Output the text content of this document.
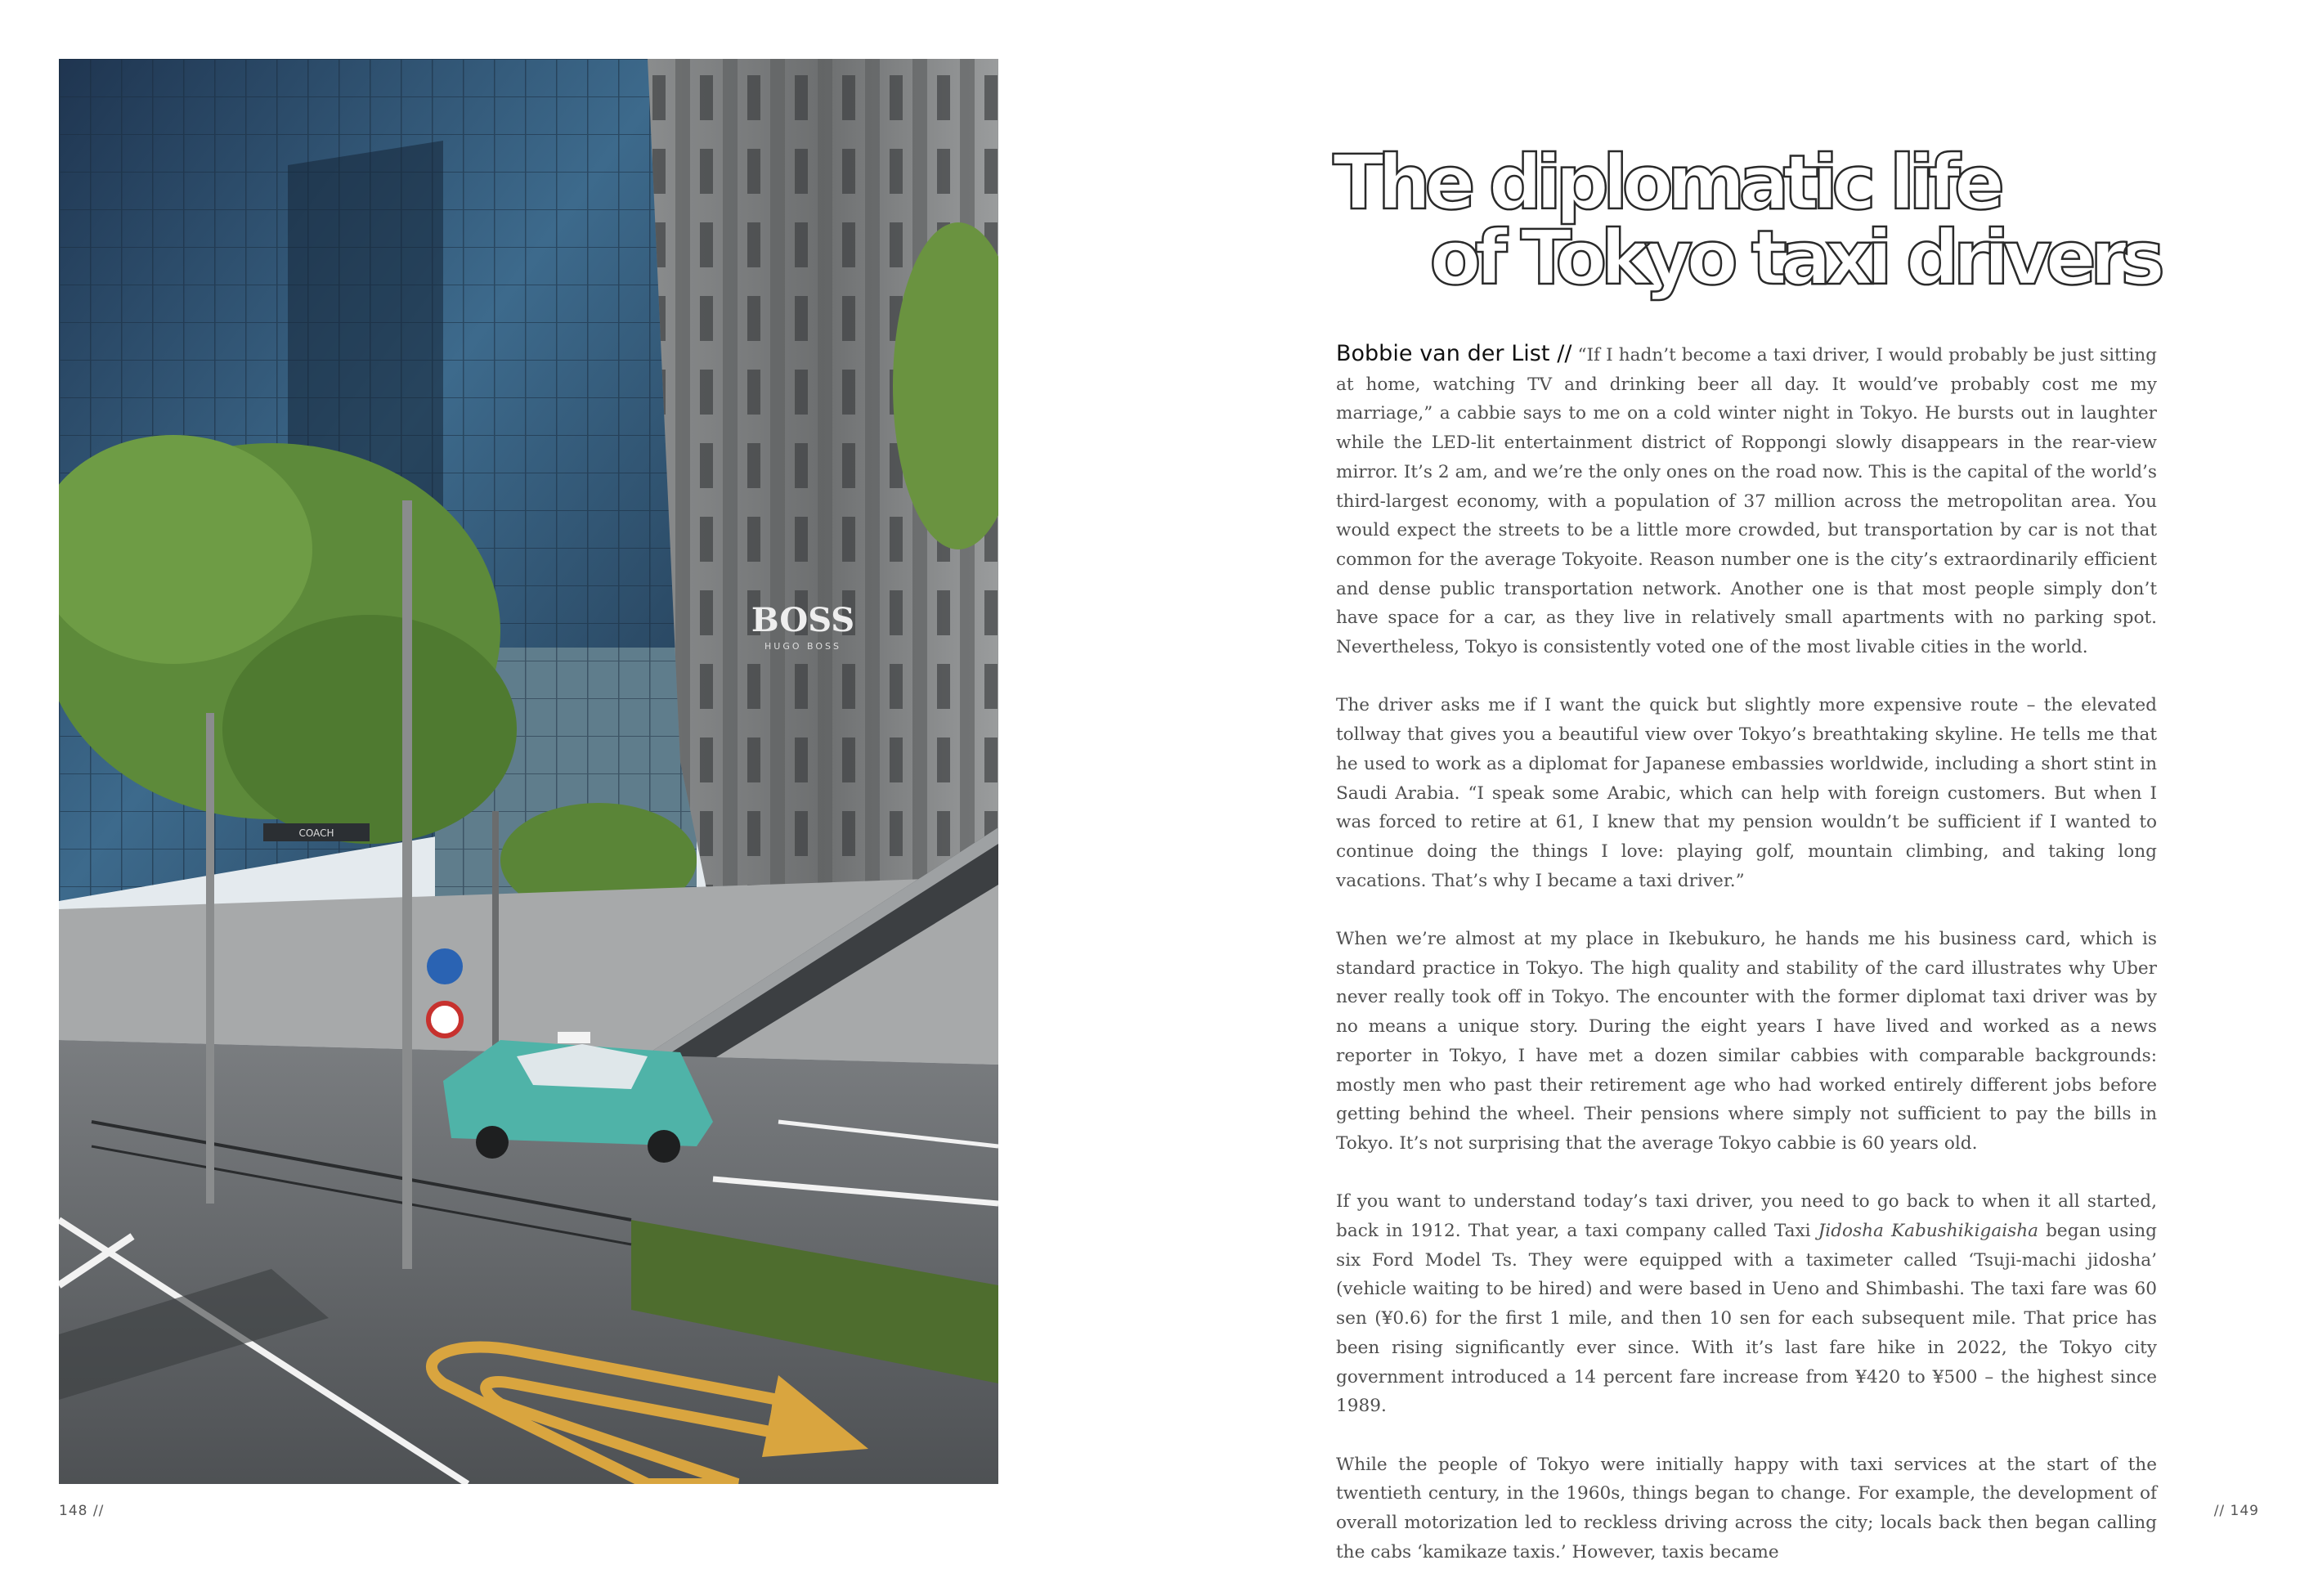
BOSS
HUGO BOSS
COACH
148 //
The diplomatic life
of Tokyo taxi drivers

Bobbie van der List // “If I hadn’t become a taxi driver, I would probably be just sitting at home, watching TV and drinking beer all day. It would’ve probably cost me my marriage,” a cabbie says to me on a cold winter night in Tokyo. He bursts out in laughter while the LED-lit entertainment district of Roppongi slowly disappears in the rear-view mirror. It’s 2 am, and we’re the only ones on the road now. This is the capital of the world’s third-largest economy, with a population of 37 million across the metropolitan area. You would expect the streets to be a little more crowded, but transportation by car is not that common for the average Tokyoite. Reason number one is the city’s extraordinarily efficient and dense public transportation network. Another one is that most people simply don’t have space for a car, as they live in relatively small apartments with no parking spot. Nevertheless, Tokyo is consistently voted one of the most livable cities in the world.

The driver asks me if I want the quick but slightly more expensive route – the elevated tollway that gives you a beautiful view over Tokyo’s breathtaking skyline. He tells me that he used to work as a diplomat for Japanese embassies worldwide, including a short stint in Saudi Arabia. “I speak some Arabic, which can help with foreign customers. But when I was forced to retire at 61, I knew that my pension wouldn’t be sufficient if I wanted to continue doing the things I love: playing golf, mountain climbing, and taking long vacations. That’s why I became a taxi driver.”

When we’re almost at my place in Ikebukuro, he hands me his business card, which is standard practice in Tokyo. The high quality and stability of the card illustrates why Uber never really took off in Tokyo. The encounter with the former diplomat taxi driver was by no means a unique story. During the eight years I have lived and worked as a news reporter in Tokyo, I have met a dozen similar cabbies with comparable backgrounds: mostly men who past their retirement age who had worked entirely different jobs before getting behind the wheel. Their pensions where simply not sufficient to pay the bills in Tokyo. It’s not surprising that the average Tokyo cabbie is 60 years old.

If you want to understand today’s taxi driver, you need to go back to when it all started, back in 1912. That year, a taxi company called Taxi Jidosha Kabushikigaisha began using six Ford Model Ts. They were equipped with a taximeter called ‘Tsuji-machi jidosha’ (vehicle waiting to be hired) and were based in Ueno and Shimbashi. The taxi fare was 60 sen (¥0.6) for the first 1 mile, and then 10 sen for each subsequent mile. That price has been rising significantly ever since. With it’s last fare hike in 2022, the Tokyo city government introduced a 14 percent fare increase from ¥420 to ¥500 – the highest since 1989.

While the people of Tokyo were initially happy with taxi services at the start of the twentieth century, in the 1960s, things began to change. For example, the development of overall motorization led to reckless driving across the city; locals back then began calling the cabs ‘kamikaze taxis.’ However, taxis became

// 149
